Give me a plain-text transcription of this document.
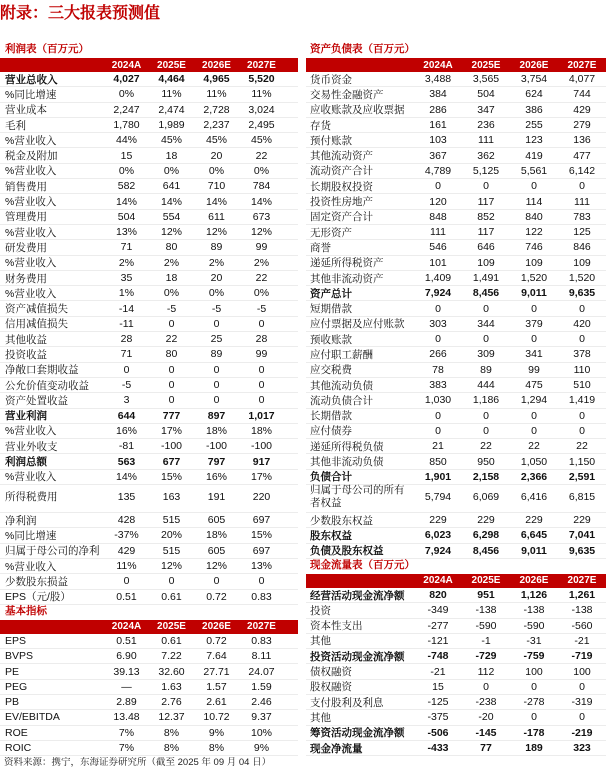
附录：三大报表预测值
利润表（百万元）
2024A	2025E	2026E	2027E
营业总收入	4,027	4,464	4,965	5,520
%同比增速	0%	11%	11%	11%
营业成本	2,247	2,474	2,728	3,024
毛利	1,780	1,989	2,237	2,495
%营业收入	44%	45%	45%	45%
税金及附加	15	18	20	22
%营业收入	0%	0%	0%	0%
销售费用	582	641	710	784
%营业收入	14%	14%	14%	14%
管理费用	504	554	611	673
%营业收入	13%	12%	12%	12%
研发费用	71	80	89	99
%营业收入	2%	2%	2%	2%
财务费用	35	18	20	22
%营业收入	1%	0%	0%	0%
资产减值损失	-14	-5	-5	-5
信用减值损失	-11	0	0	0
其他收益	28	22	25	28
投资收益	71	80	89	99
净敞口套期收益	0	0	0	0
公允价值变动收益	-5	0	0	0
资产处置收益	3	0	0	0
营业利润	644	777	897	1,017
%营业收入	16%	17%	18%	18%
营业外收支	-81	-100	-100	-100
利润总额	563	677	797	917
%营业收入	14%	15%	16%	17%
所得税费用	135	163	191	220
净利润	428	515	605	697
%同比增速	-37%	20%	18%	15%
归属于母公司的净利	429	515	605	697
%营业收入	11%	12%	12%	13%
少数股东损益	0	0	0	0
EPS（元/股）	0.51	0.61	0.72	0.83
基本指标
2024A	2025E	2026E	2027E
EPS	0.51	0.61	0.72	0.83
BVPS	6.90	7.22	7.64	8.11
PE	39.13	32.60	27.71	24.07
PEG	—	1.63	1.57	1.59
PB	2.89	2.76	2.61	2.46
EV/EBITDA	13.48	12.37	10.72	9.37
ROE	7%	8%	9%	10%
ROIC	7%	8%	8%	9%
资产负债表（百万元）
2024A	2025E	2026E	2027E
货币资金	3,488	3,565	3,754	4,077
交易性金融资产	384	504	624	744
应收账款及应收票据	286	347	386	429
存货	161	236	255	279
预付账款	103	111	123	136
其他流动资产	367	362	419	477
流动资产合计	4,789	5,125	5,561	6,142
长期股权投资	0	0	0	0
投资性房地产	120	117	114	111
固定资产合计	848	852	840	783
无形资产	111	117	122	125
商誉	546	646	746	846
递延所得税资产	101	109	109	109
其他非流动资产	1,409	1,491	1,520	1,520
资产总计	7,924	8,456	9,011	9,635
短期借款	0	0	0	0
应付票据及应付账款	303	344	379	420
预收账款	0	0	0	0
应付职工薪酬	266	309	341	378
应交税费	78	89	99	110
其他流动负债	383	444	475	510
流动负债合计	1,030	1,186	1,294	1,419
长期借款	0	0	0	0
应付债券	0	0	0	0
递延所得税负债	21	22	22	22
其他非流动负债	850	950	1,050	1,150
负债合计	1,901	2,158	2,366	2,591
归属于母公司的所有者权益	5,794	6,069	6,416	6,815
少数股东权益	229	229	229	229
股东权益	6,023	6,298	6,645	7,041
负债及股东权益	7,924	8,456	9,011	9,635
现金流量表（百万元）
2024A	2025E	2026E	2027E
经营活动现金流净额	820	951	1,126	1,261
投资	-349	-138	-138	-138
资本性支出	-277	-590	-590	-560
其他	-121	-1	-31	-21
投资活动现金流净额	-748	-729	-759	-719
债权融资	-21	112	100	100
股权融资	15	0	0	0
支付股利及利息	-125	-238	-278	-319
其他	-375	-20	0	0
筹资活动现金流净额	-506	-145	-178	-219
现金净流量	-433	77	189	323
资料来源：携宁，东海证券研究所（截至 2025 年 09 月 04 日）
